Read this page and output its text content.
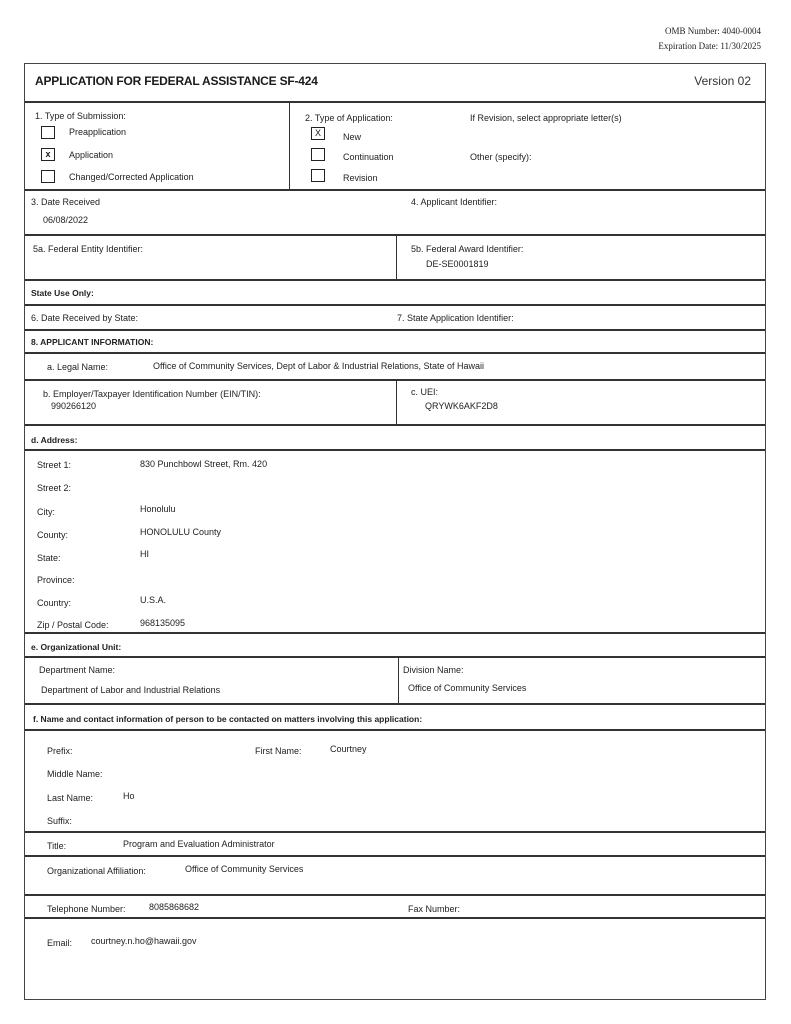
OMB Number: 4040-0004
Expiration Date: 11/30/2025
APPLICATION FOR FEDERAL ASSISTANCE SF-424	Version 02
1. Type of Submission:
Preapplication
x	Application
Changed/Corrected Application
2. Type of Application:
X	New
Continuation
Revision
If Revision, select appropriate letter(s)
Other (specify):
3. Date Received
06/08/2022
4. Applicant Identifier:
5a. Federal Entity Identifier:	5b. Federal Award Identifier:
DE-SE0001819
State Use Only:
6. Date Received by State:	7. State Application Identifier:
8. APPLICANT INFORMATION:
a. Legal Name:	Office of Community Services, Dept of Labor & Industrial Relations, State of Hawaii
b. Employer/Taxpayer Identification Number (EIN/TIN):
990266120
c. UEI:
QRYWK6AKF2D8
d. Address:
Street 1:	830 Punchbowl Street, Rm. 420
Street 2:
City:	Honolulu
County:	HONOLULU County
State:	HI
Province:
Country:	U.S.A.
Zip / Postal Code:	968135095
e. Organizational Unit:
Department Name:
Department of Labor and Industrial Relations
Division Name:
Office of Community Services
f. Name and contact information of person to be contacted on matters involving this application:
Prefix:	First Name:	Courtney
Middle Name:
Last Name:	Ho
Suffix:
Title:	Program and Evaluation Administrator
Organizational Affiliation:	Office of Community Services
Telephone Number:	8085868682	Fax Number:
Email: courtney.n.ho@hawaii.gov
